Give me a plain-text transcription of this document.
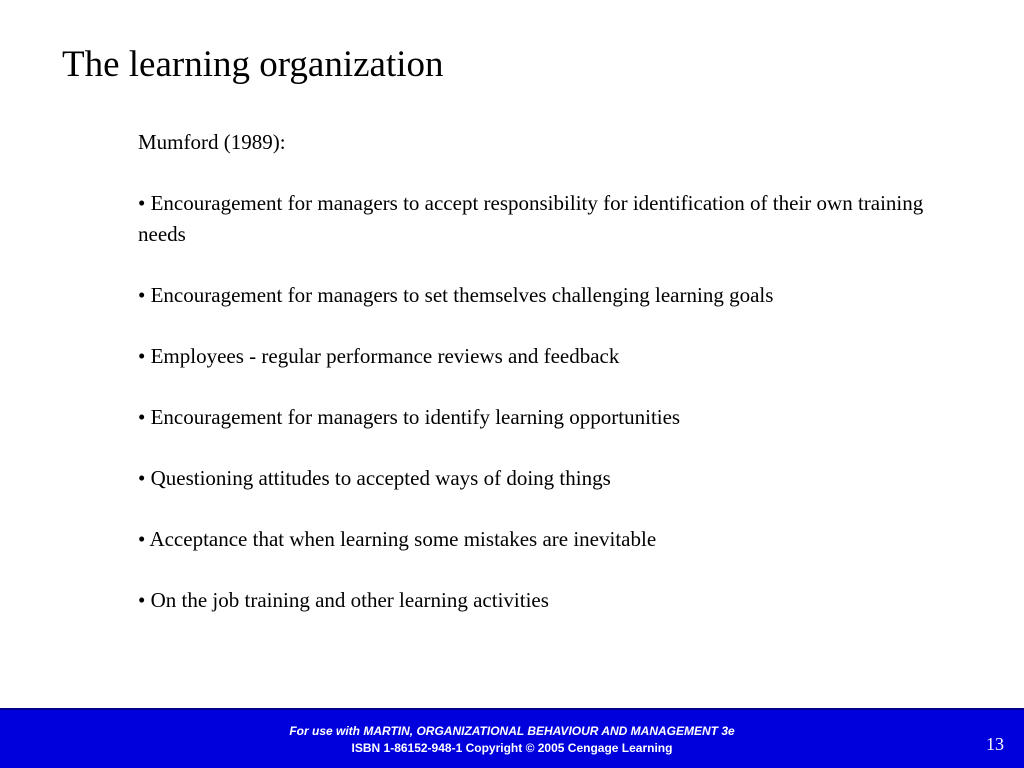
The learning organization

Mumford (1989):

• Encouragement for managers to accept responsibility for identification of their own training needs
• Encouragement for managers to set themselves challenging learning goals
• Employees - regular performance reviews and feedback
• Encouragement for managers to identify learning opportunities
• Questioning attitudes to accepted ways of doing things
• Acceptance that when learning some mistakes are inevitable
• On the job training and other learning activities
For use with MARTIN, ORGANIZATIONAL BEHAVIOUR AND MANAGEMENT 3e
ISBN 1-86152-948-1 Copyright © 2005 Cengage Learning	13
